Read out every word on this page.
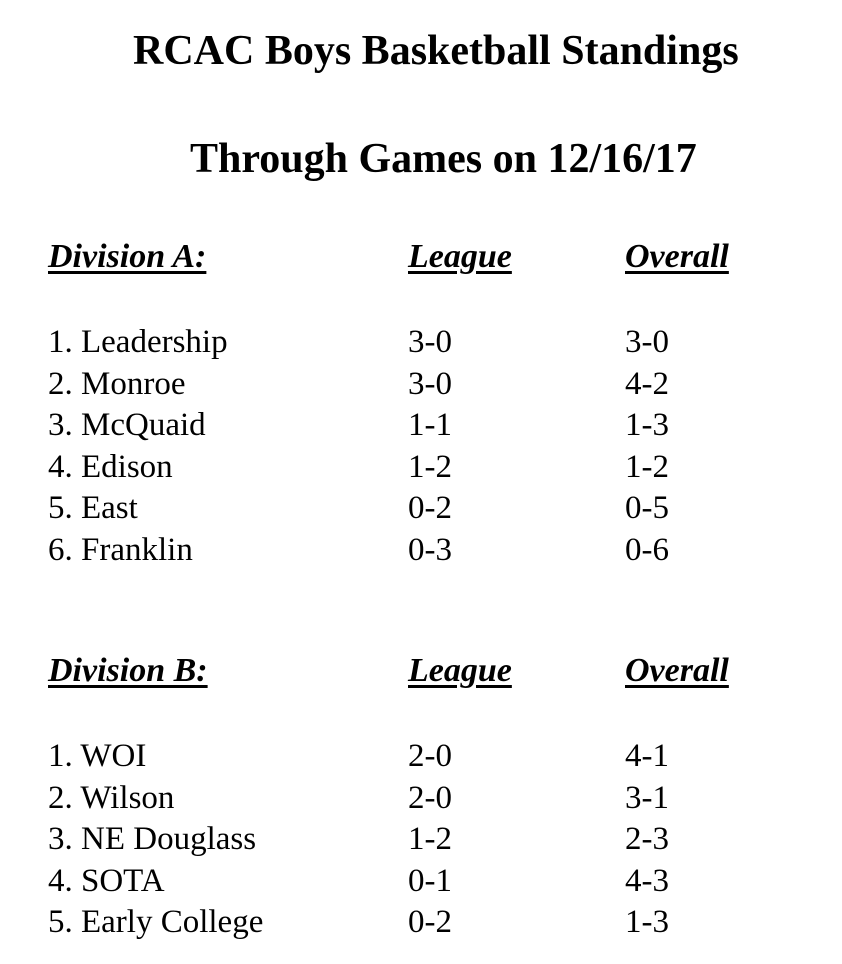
RCAC Boys Basketball Standings
Through Games on 12/16/17
Division A:	League	Overall
1. Leadership	3-0	3-0
2. Monroe	3-0	4-2
3. McQuaid	1-1	1-3
4. Edison	1-2	1-2
5. East	0-2	0-5
6. Franklin	0-3	0-6
Division B:	League	Overall
1. WOI	2-0	4-1
2. Wilson	2-0	3-1
3. NE Douglass	1-2	2-3
4. SOTA	0-1	4-3
5. Early College	0-2	1-3
